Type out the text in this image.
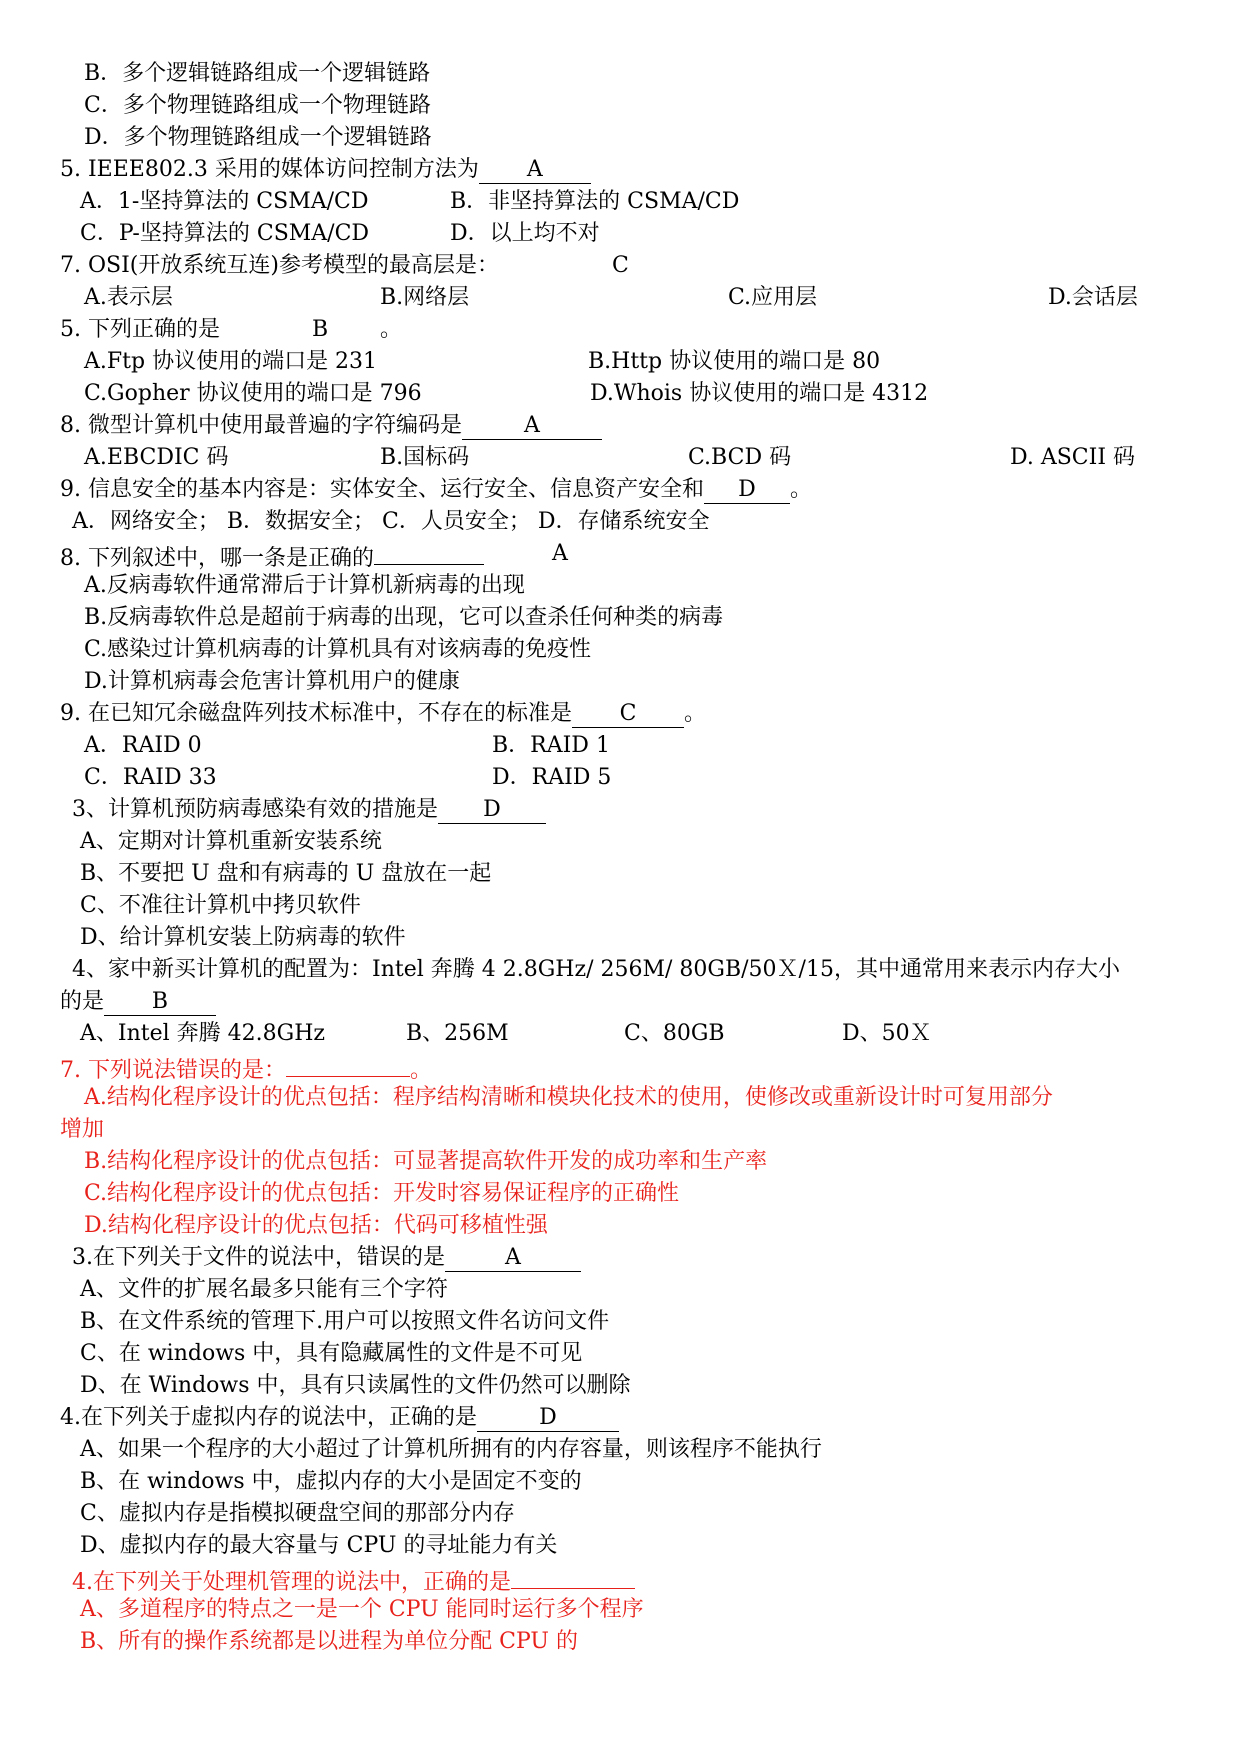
B．多个逻辑链路组成一个逻辑链路
C．多个物理链路组成一个物理链路
D．多个物理链路组成一个逻辑链路
5. IEEE802.3 采用的媒体访问控制方法为 A
A．1-坚持算法的 CSMA/CD	B．非坚持算法的 CSMA/CD
C．P-坚持算法的 CSMA/CD	D．以上均不对
7. OSI(开放系统互连)参考模型的最高层是：	C
A.表示层	B.网络层	C.应用层	D.会话层
5. 下列正确的是	B 。
A.Ftp 协议使用的端口是 231	B.Http 协议使用的端口是 80
C.Gopher 协议使用的端口是 796	D.Whois 协议使用的端口是 4312
8. 微型计算机中使用最普遍的字符编码是	A
A.EBCDIC 码	B.国标码	C.BCD 码	D. ASCII 码
9. 信息安全的基本内容是：实体安全、运行安全、信息资产安全和 D 。
A．网络安全； B．数据安全； C．人员安全； D．存储系统安全
8. 下列叙述中，哪一条是正确的	A
A.反病毒软件通常滞后于计算机新病毒的出现
B.反病毒软件总是超前于病毒的出现，它可以查杀任何种类的病毒
C.感染过计算机病毒的计算机具有对该病毒的免疫性
D.计算机病毒会危害计算机用户的健康
9. 在已知冗余磁盘阵列技术标准中，不存在的标准是 C 。
A．RAID 0	B．RAID 1
C．RAID 33	D．RAID 5
3、计算机预防病毒感染有效的措施是 D
A、定期对计算机重新安装系统
B、不要把 U 盘和有病毒的 U 盘放在一起
C、不准往计算机中拷贝软件
D、给计算机安装上防病毒的软件
4、家中新买计算机的配置为：Intel 奔腾 4 2.8GHz/ 256M/ 80GB/50Ｘ/15，其中通常用来表示内存大小
的是 B
A、Intel 奔腾 42.8GHz	B、256M	C、80GB	D、50Ｘ
7. 下列说法错误的是：	。
A.结构化程序设计的优点包括：程序结构清晰和模块化技术的使用，使修改或重新设计时可复用部分
增加
B.结构化程序设计的优点包括：可显著提高软件开发的成功率和生产率
C.结构化程序设计的优点包括：开发时容易保证程序的正确性
D.结构化程序设计的优点包括：代码可移植性强
3.在下列关于文件的说法中，错误的是	A
A、文件的扩展名最多只能有三个字符
B、在文件系统的管理下.用户可以按照文件名访问文件
C、在 windows 中，具有隐藏属性的文件是不可见
D、在 Windows 中，具有只读属性的文件仍然可以删除
4.在下列关于虚拟内存的说法中，正确的是	D
A、如果一个程序的大小超过了计算机所拥有的内存容量，则该程序不能执行
B、在 windows 中，虚拟内存的大小是固定不变的
C、虚拟内存是指模拟硬盘空间的那部分内存
D、虚拟内存的最大容量与 CPU 的寻址能力有关
4.在下列关于处理机管理的说法中，正确的是
A、多道程序的特点之一是一个 CPU 能同时运行多个程序
B、所有的操作系统都是以进程为单位分配 CPU 的
